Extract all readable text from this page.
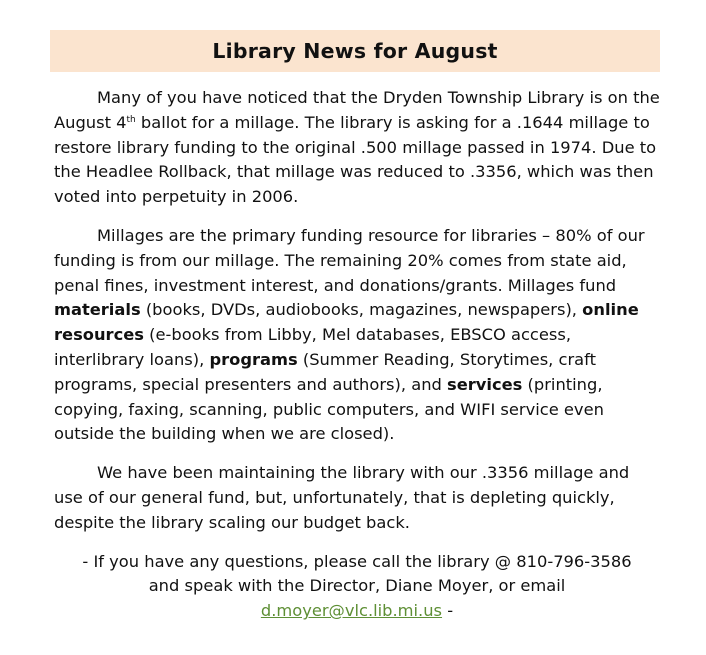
Library News for August

Many of you have noticed that the Dryden Township Library is on the August 4th ballot for a millage. The library is asking for a .1644 millage to restore library funding to the original .500 millage passed in 1974. Due to the Headlee Rollback, that millage was reduced to .3356, which was then voted into perpetuity in 2006.

Millages are the primary funding resource for libraries – 80% of our funding is from our millage. The remaining 20% comes from state aid, penal fines, investment interest, and donations/grants. Millages fund materials (books, DVDs, audiobooks, magazines, newspapers), online resources (e-books from Libby, Mel databases, EBSCO access, interlibrary loans), programs (Summer Reading, Storytimes, craft programs, special presenters and authors), and services (printing, copying, faxing, scanning, public computers, and WIFI service even outside the building when we are closed).

We have been maintaining the library with our .3356 millage and use of our general fund, but, unfortunately, that is depleting quickly, despite the library scaling our budget back.

- If you have any questions, please call the library @ 810-796-3586
and speak with the Director, Diane Moyer, or email
d.moyer@vlc.lib.mi.us -
